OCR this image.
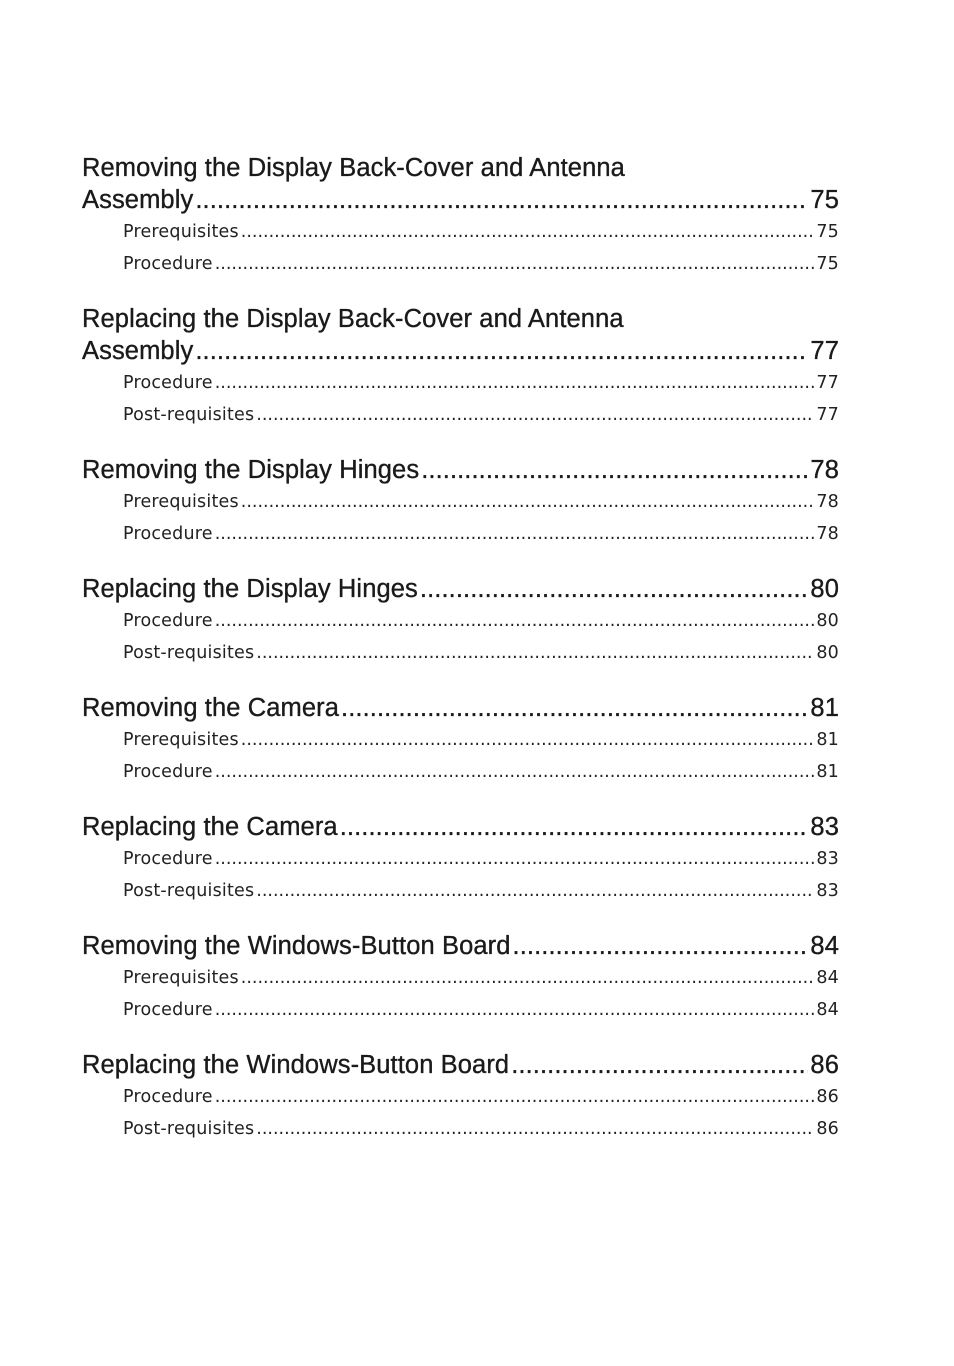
Removing the Display Back-Cover and Antenna
Assembly .....	75
Prerequisites .....	75
Procedure .....	75
Replacing the Display Back-Cover and Antenna
Assembly .....	77
Procedure .....	77
Post-requisites .....	77
Removing the Display Hinges .....	78
Prerequisites .....	78
Procedure .....	78
Replacing the Display Hinges .....	80
Procedure .....	80
Post-requisites .....	80
Removing the Camera .....	81
Prerequisites .....	81
Procedure .....	81
Replacing the Camera .....	83
Procedure .....	83
Post-requisites .....	83
Removing the Windows-Button Board .....	84
Prerequisites .....	84
Procedure .....	84
Replacing the Windows-Button Board .....	86
Procedure .....	86
Post-requisites .....	86
